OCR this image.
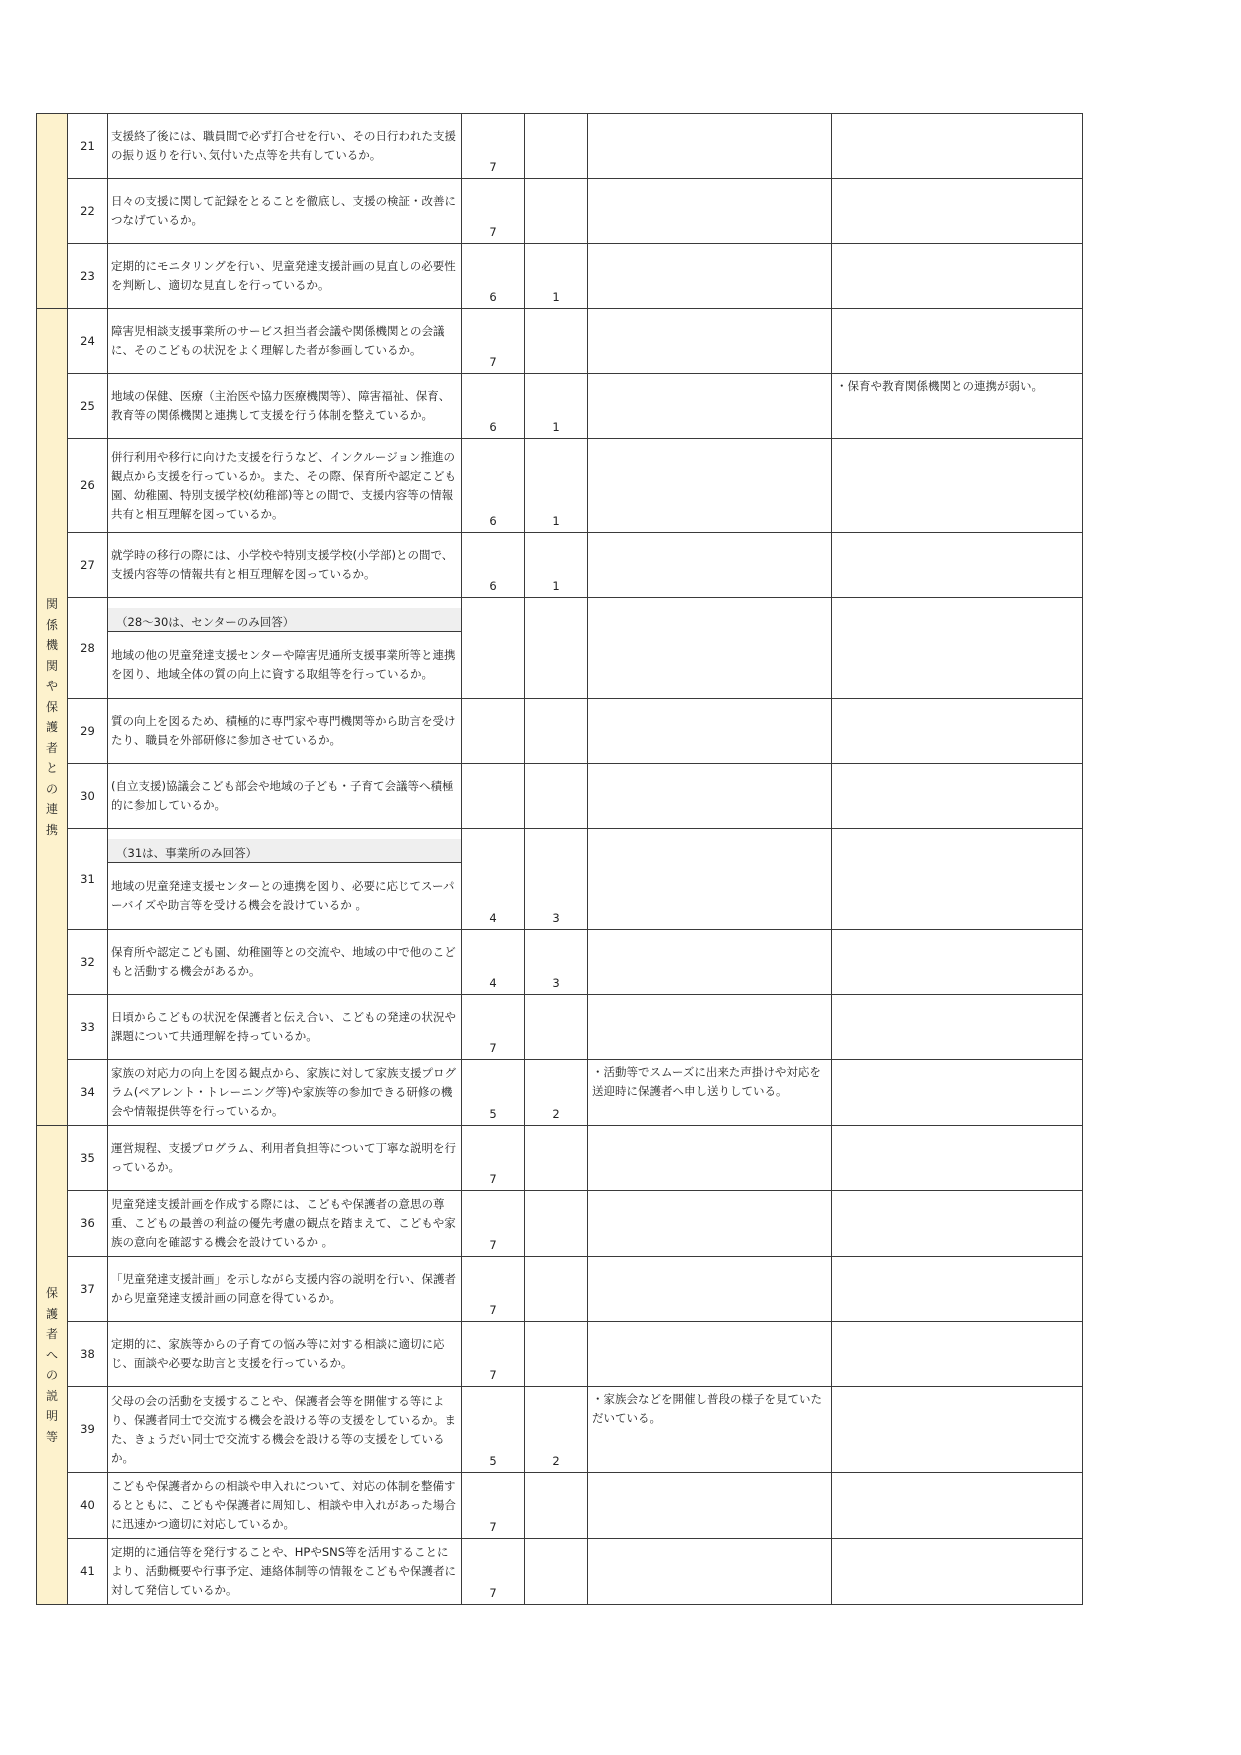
	21	支援終了後には、職員間で必ず打合せを行い、その日行われた支援の振り返りを行い､気付いた点等を共有しているか。	7			
	22	日々の支援に関して記録をとることを徹底し、支援の検証・改善につなげているか。	7			
	23	定期的にモニタリングを行い、児童発達支援計画の見直しの必要性を判断し、適切な見直しを行っているか。	6	1		
関係機関や保護者との連携	24	障害児相談支援事業所のサービス担当者会議や関係機関との会議に、そのこどもの状況をよく理解した者が参画しているか。	7			
	25	地域の保健、医療（主治医や協力医療機関等）、障害福祉、保育、教育等の関係機関と連携して支援を行う体制を整えているか。	6	1		・保育や教育関係機関との連携が弱い。
	26	併行利用や移行に向けた支援を行うなど、インクルージョン推進の観点から支援を行っているか。また、その際、保育所や認定こども園、幼稚園、特別支援学校(幼稚部)等との間で、支援内容等の情報共有と相互理解を図っているか。	6	1		
	27	就学時の移行の際には、小学校や特別支援学校(小学部)との間で、支援内容等の情報共有と相互理解を図っているか。	6	1		
	28	（28～30は、センターのみ回答）
地域の他の児童発達支援センターや障害児通所支援事業所等と連携を図り、地域全体の質の向上に資する取組等を行っているか。				

	29	質の向上を図るため、積極的に専門家や専門機関等から助言を受けたり、職員を外部研修に参加させているか。				

	30	(自立支援)協議会こども部会や地域の子ども・子育て会議等へ積極的に参加しているか。				

	31	（31は、事業所のみ回答）
地域の児童発達支援センターとの連携を図り、必要に応じてスーパーバイズや助言等を受ける機会を設けているか 。	4	3		
	32	保育所や認定こども園、幼稚園等との交流や、地域の中で他のこどもと活動する機会があるか。	4	3		
	33	日頃からこどもの状況を保護者と伝え合い、こどもの発達の状況や課題について共通理解を持っているか。	7			
	34	家族の対応力の向上を図る観点から、家族に対して家族支援プログラム(ペアレント・トレーニング等)や家族等の参加できる研修の機会や情報提供等を行っているか。	5	2	・活動等でスムーズに出来た声掛けや対応を送迎時に保護者へ申し送りしている。	
保護者への説明等	35	運営規程、支援プログラム、利用者負担等について丁寧な説明を行っているか。	7			
	36	児童発達支援計画を作成する際には、こどもや保護者の意思の尊重、こどもの最善の利益の優先考慮の観点を踏まえて、こどもや家族の意向を確認する機会を設けているか 。	7			
	37	「児童発達支援計画」を示しながら支援内容の説明を行い、保護者から児童発達支援計画の同意を得ているか。	7			
	38	定期的に、家族等からの子育ての悩み等に対する相談に適切に応じ、面談や必要な助言と支援を行っているか。	7			
	39	父母の会の活動を支援することや、保護者会等を開催する等により、保護者同士で交流する機会を設ける等の支援をしているか。また、きょうだい同士で交流する機会を設ける等の支援をしているか。	5	2	・家族会などを開催し普段の様子を見ていただいている。	
	40	こどもや保護者からの相談や申入れについて、対応の体制を整備するとともに、こどもや保護者に周知し、相談や申入れがあった場合に迅速かつ適切に対応しているか。	7			
	41	定期的に通信等を発行することや、HPやSNS等を活用することにより、活動概要や行事予定、連絡体制等の情報をこどもや保護者に対して発信しているか。	7			
